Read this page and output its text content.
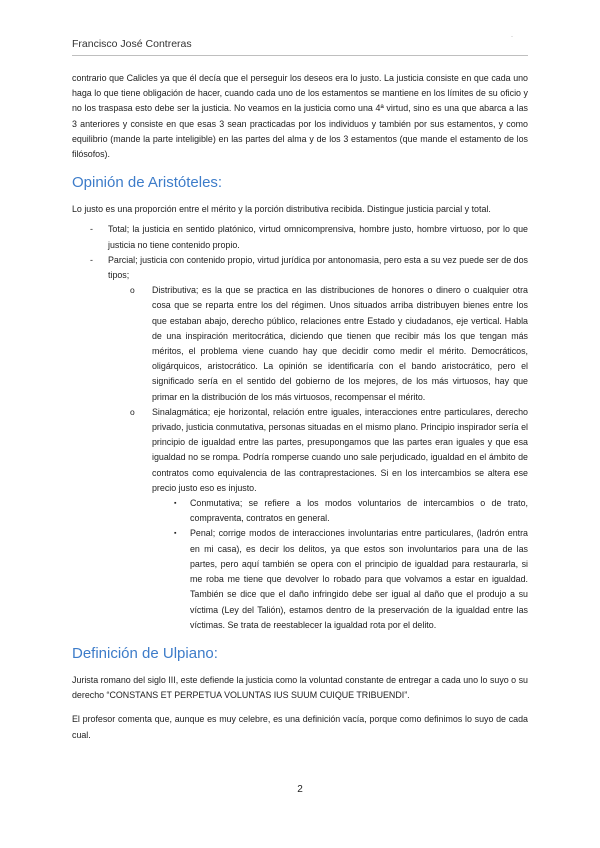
Francisco José Contreras
-

contrario que Calicles ya que él decía que el perseguir los deseos era lo justo. La justicia consiste en que cada uno haga lo que tiene obligación de hacer, cuando cada uno de los estamentos se mantiene en los límites de su oficio y no los traspasa esto debe ser la justicia. No veamos en la justicia como una 4ª virtud, sino es una que abarca a las 3 anteriores y consiste en que esas 3 sean practicadas por los individuos y también por sus estamentos, y como equilibrio (mande la parte inteligible) en las partes del alma y de los 3 estamentos (que mande el estamento de los filósofos).

Opinión de Aristóteles:

Lo justo es una proporción entre el mérito y la porción distributiva recibida. Distingue justicia parcial y total.

-	Total; la justicia en sentido platónico, virtud omnicomprensiva, hombre justo, hombre virtuoso, por lo que justicia no tiene contenido propio.
-	Parcial; justicia con contenido propio, virtud jurídica por antonomasia, pero esta a su vez puede ser de dos tipos;
o	Distributiva; es la que se practica en las distribuciones de honores o dinero o cualquier otra cosa que se reparta entre los del régimen. Unos situados arriba distribuyen bienes entre los que estaban abajo, derecho público, relaciones entre Estado y ciudadanos, eje vertical. Habla de una inspiración meritocrática, diciendo que tienen que recibir más los que tengan más méritos, el problema viene cuando hay que decidir como medir el mérito. Democráticos, oligárquicos, aristocrático. La opinión se identificaría con el bando aristocrático, pero el significado sería en el sentido del gobierno de los mejores, de los más virtuosos, hay que primar en la distribución de los más virtuosos, recompensar el mérito.
o	Sinalagmática; eje horizontal, relación entre iguales, interacciones entre particulares, derecho privado, justicia conmutativa, personas situadas en el mismo plano. Principio inspirador sería el principio de igualdad entre las partes, presupongamos que las partes eran iguales y que esa igualdad no se rompa. Podría romperse cuando uno sale perjudicado, igualdad en el ámbito de contratos como equivalencia de las contraprestaciones. Si en los intercambios se altera ese precio justo eso es injusto.
▪	Conmutativa; se refiere a los modos voluntarios de intercambios o de trato, compraventa, contratos en general.
▪	Penal; corrige modos de interacciones involuntarias entre particulares, (ladrón entra en mi casa), es decir los delitos, ya que estos son involuntarios para una de las partes, pero aquí también se opera con el principio de igualdad para restaurarla, si me roba me tiene que devolver lo robado para que volvamos a estar en igualdad. También se dice que el daño infringido debe ser igual al daño que el produjo a su víctima (Ley del Talión), estamos dentro de la preservación de la igualdad entre las víctimas. Se trata de reestablecer la igualdad rota por el delito.
Definición de Ulpiano:

Jurista romano del siglo III, este defiende la justicia como la voluntad constante de entregar a cada uno lo suyo o su derecho “CONSTANS ET PERPETUA VOLUNTAS IUS SUUM CUIQUE TRIBUENDI”.

El profesor comenta que, aunque es muy celebre, es una definición vacía, porque como definimos lo suyo de cada cual.

2
